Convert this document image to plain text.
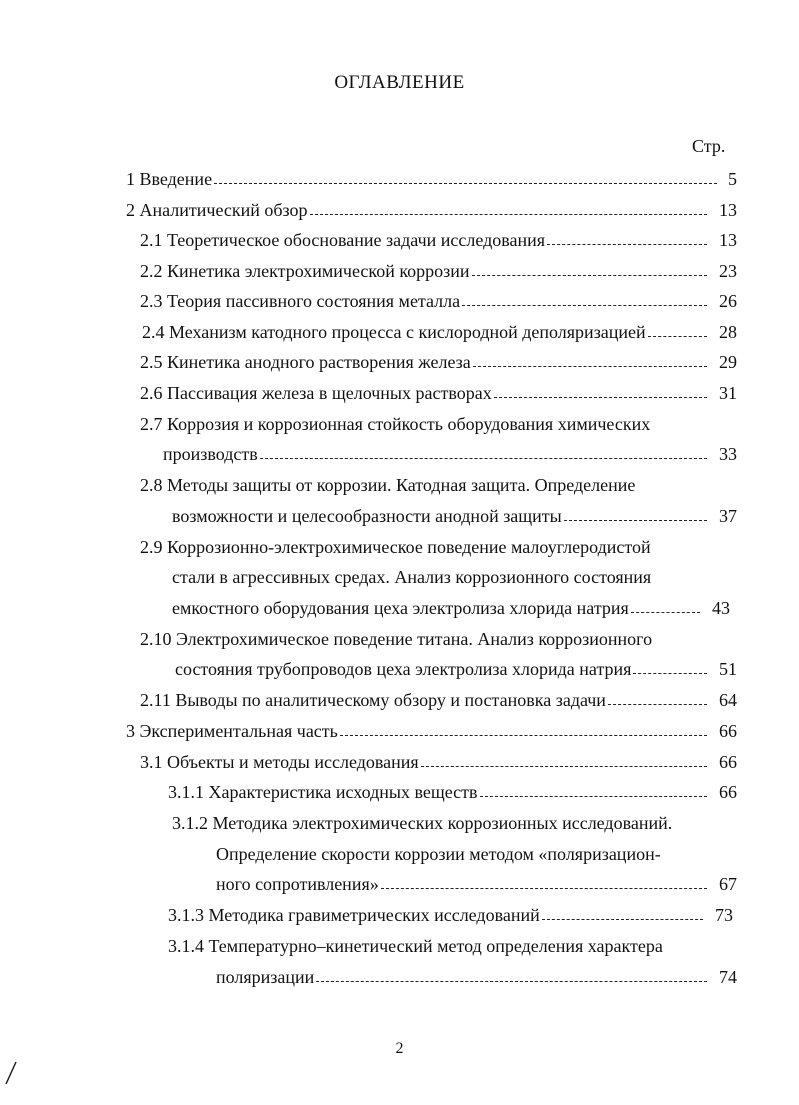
ОГЛАВЛЕНИЕ
Стр.
1 Введение	5
2 Аналитический обзор	13
2.1 Теоретическое обоснование задачи исследования	13
2.2 Кинетика электрохимической коррозии	23
2.3 Теория пассивного состояния металла	26
2.4 Механизм катодного процесса с кислородной деполяризацией	28
2.5 Кинетика анодного растворения железа	29
2.6 Пассивация железа в щелочных растворах	31
2.7 Коррозия и коррозионная стойкость оборудования химических
производств	33
2.8 Методы защиты от коррозии. Катодная защита. Определение
возможности и целесообразности анодной защиты	37
2.9 Коррозионно-электрохимическое поведение малоуглеродистой
стали в агрессивных средах. Анализ коррозионного состояния
емкостного оборудования цеха электролиза хлорида натрия	43
2.10 Электрохимическое поведение титана. Анализ коррозионного
состояния трубопроводов цеха электролиза хлорида натрия	51
2.11 Выводы по аналитическому обзору и постановка задачи	64
3 Экспериментальная часть	66
3.1 Объекты и методы исследования	66
3.1.1 Характеристика исходных веществ	66
3.1.2 Методика электрохимических коррозионных исследований.
Определение скорости коррозии методом «поляризацион-
ного сопротивления»	67
3.1.3 Методика гравиметрических исследований	73
3.1.4 Температурно–кинетический метод определения характера
поляризации	74
2
